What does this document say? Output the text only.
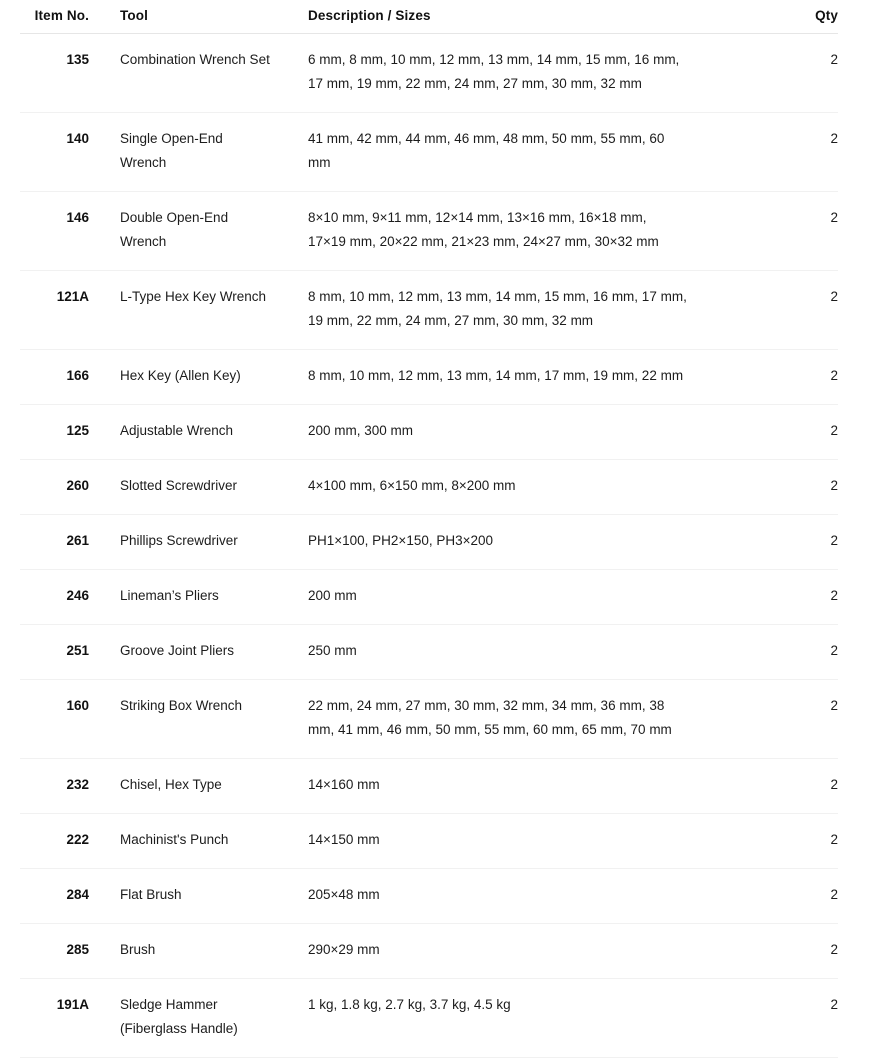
Item No.	Tool	Description / Sizes	Qty
135	Combination Wrench Set	6 mm, 8 mm, 10 mm, 12 mm, 13 mm, 14 mm, 15 mm, 16 mm, 17 mm, 19 mm, 22 mm, 24 mm, 27 mm, 30 mm, 32 mm	2
140	Single Open-End Wrench	41 mm, 42 mm, 44 mm, 46 mm, 48 mm, 50 mm, 55 mm, 60 mm	2
146	Double Open-End Wrench	8×10 mm, 9×11 mm, 12×14 mm, 13×16 mm, 16×18 mm, 17×19 mm, 20×22 mm, 21×23 mm, 24×27 mm, 30×32 mm	2
121A	L-Type Hex Key Wrench	8 mm, 10 mm, 12 mm, 13 mm, 14 mm, 15 mm, 16 mm, 17 mm, 19 mm, 22 mm, 24 mm, 27 mm, 30 mm, 32 mm	2
166	Hex Key (Allen Key)	8 mm, 10 mm, 12 mm, 13 mm, 14 mm, 17 mm, 19 mm, 22 mm	2
125	Adjustable Wrench	200 mm, 300 mm	2
260	Slotted Screwdriver	4×100 mm, 6×150 mm, 8×200 mm	2
261	Phillips Screwdriver	PH1×100, PH2×150, PH3×200	2
246	Lineman’s Pliers	200 mm	2
251	Groove Joint Pliers	250 mm	2
160	Striking Box Wrench	22 mm, 24 mm, 27 mm, 30 mm, 32 mm, 34 mm, 36 mm, 38 mm, 41 mm, 46 mm, 50 mm, 55 mm, 60 mm, 65 mm, 70 mm	2
232	Chisel, Hex Type	14×160 mm	2
222	Machinist's Punch	14×150 mm	2
284	Flat Brush	205×48 mm	2
285	Brush	290×29 mm	2
191A	Sledge Hammer (Fiberglass Handle)	1 kg, 1.8 kg, 2.7 kg, 3.7 kg, 4.5 kg	2
